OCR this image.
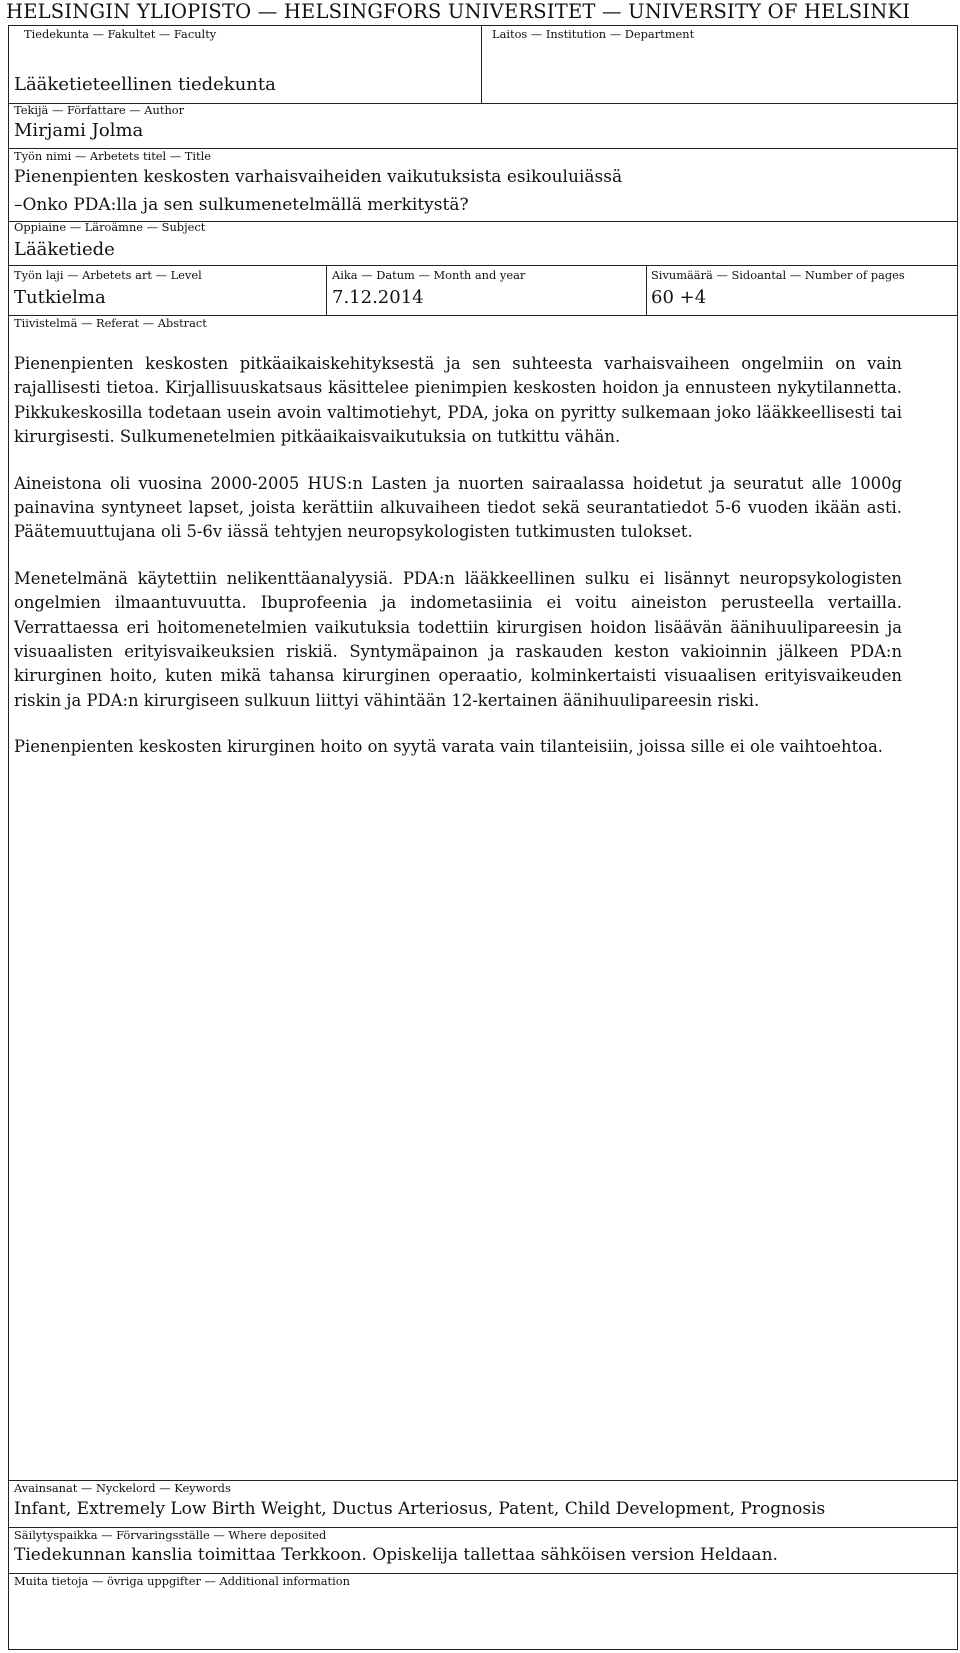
HELSINGIN YLIOPISTO — HELSINGFORS UNIVERSITET — UNIVERSITY OF HELSINKI
Tiedekunta — Fakultet — Faculty	Laitos — Institution — Department
Lääketieteellinen tiedekunta
Tekijä — Författare — Author
Mirjami Jolma
Työn nimi — Arbetets titel — Title
Pienenpienten keskosten varhaisvaiheiden vaikutuksista esikouluiässä
–Onko PDA:lla ja sen sulkumenetelmällä merkitystä?
Oppiaine — Läroämne — Subject
Lääketiede
Työn laji — Arbetets art — Level
Tutkielma
Aika — Datum — Month and year
7.12.2014
Sivumäärä — Sidoantal — Number of pages
60 +4
Tiivistelmä — Referat — Abstract

Pienenpienten keskosten pitkäaikaiskehityksestä ja sen suhteesta varhaisvaiheen ongelmiin on vain rajallisesti tietoa. Kirjallisuuskatsaus käsittelee pienimpien keskosten hoidon ja ennusteen nykytilannetta. Pikkukeskosilla todetaan usein avoin valtimotiehyt, PDA, joka on pyritty sulkemaan joko lääkkeellisesti tai kirurgisesti. Sulkumenetelmien pitkäaikaisvaikutuksia on tutkittu vähän.

Aineistona oli vuosina 2000-2005 HUS:n Lasten ja nuorten sairaalassa hoidetut ja seuratut alle 1000g painavina syntyneet lapset, joista kerättiin alkuvaiheen tiedot sekä seurantatiedot 5-6 vuoden ikään asti. Päätemuuttujana oli 5-6v iässä tehtyjen neuropsykologisten tutkimusten tulokset.

Menetelmänä käytettiin nelikenttäanalyysiä. PDA:n lääkkeellinen sulku ei lisännyt neuropsykologisten ongelmien ilmaantuvuutta. Ibuprofeenia ja indometasiinia ei voitu aineiston perusteella vertailla. Verrattaessa eri hoitomenetelmien vaikutuksia todettiin kirurgisen hoidon lisäävän äänihuulipareesin ja visuaalisten erityisvaikeuksien riskiä. Syntymäpainon ja raskauden keston vakioinnin jälkeen PDA:n kirurginen hoito, kuten mikä tahansa kirurginen operaatio, kolminkertaisti visuaalisen erityisvaikeuden riskin ja PDA:n kirurgiseen sulkuun liittyi vähintään 12-kertainen äänihuulipareesin riski.

Pienenpienten keskosten kirurginen hoito on syytä varata vain tilanteisiin, joissa sille ei ole vaihtoehtoa.

Avainsanat — Nyckelord — Keywords
Infant, Extremely Low Birth Weight, Ductus Arteriosus, Patent, Child Development, Prognosis
Säilytyspaikka — Förvaringsställe — Where deposited
Tiedekunnan kanslia toimittaa Terkkoon. Opiskelija tallettaa sähköisen version Heldaan.
Muita tietoja — övriga uppgifter — Additional information
